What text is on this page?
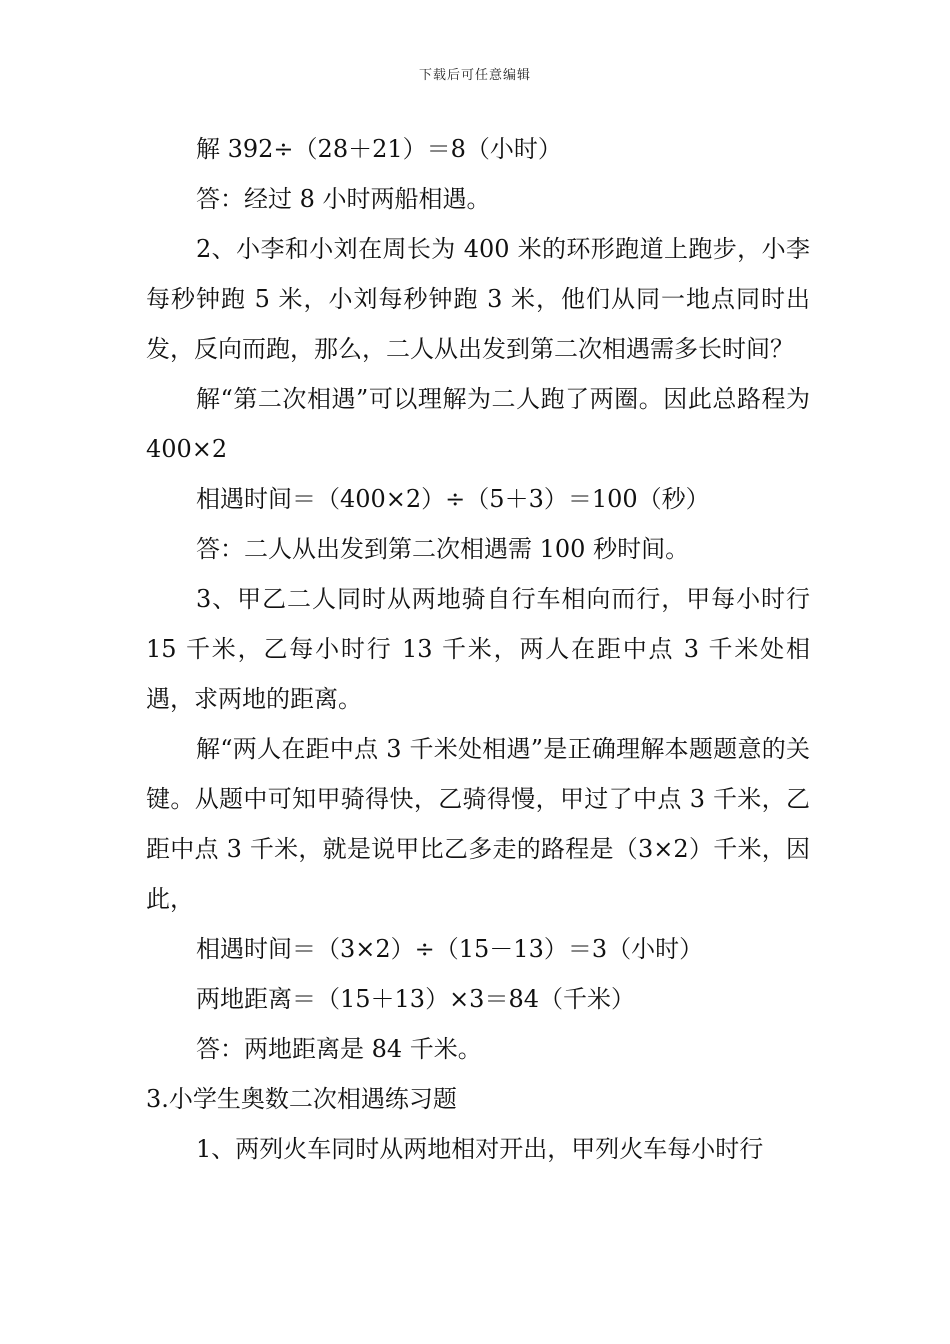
下载后可任意编辑

解 392÷（28＋21）＝8（小时）

答：经过 8 小时两船相遇。

2、小李和小刘在周长为 400 米的环形跑道上跑步，小李每秒钟跑 5 米，小刘每秒钟跑 3 米，他们从同一地点同时出发，反向而跑，那么，二人从出发到第二次相遇需多长时间？

解“第二次相遇”可以理解为二人跑了两圈。因此总路程为 400×2

相遇时间＝（400×2）÷（5＋3）＝100（秒）

答：二人从出发到第二次相遇需 100 秒时间。

3、甲乙二人同时从两地骑自行车相向而行，甲每小时行 15 千米，乙每小时行 13 千米，两人在距中点 3 千米处相遇，求两地的距离。

解“两人在距中点 3 千米处相遇”是正确理解本题题意的关键。从题中可知甲骑得快，乙骑得慢，甲过了中点 3 千米，乙距中点 3 千米，就是说甲比乙多走的路程是（3×2）千米，因此，

相遇时间＝（3×2）÷（15－13）＝3（小时）

两地距离＝（15＋13）×3＝84（千米）

答：两地距离是 84 千米。

3.小学生奥数二次相遇练习题

1、两列火车同时从两地相对开出，甲列火车每小时行
